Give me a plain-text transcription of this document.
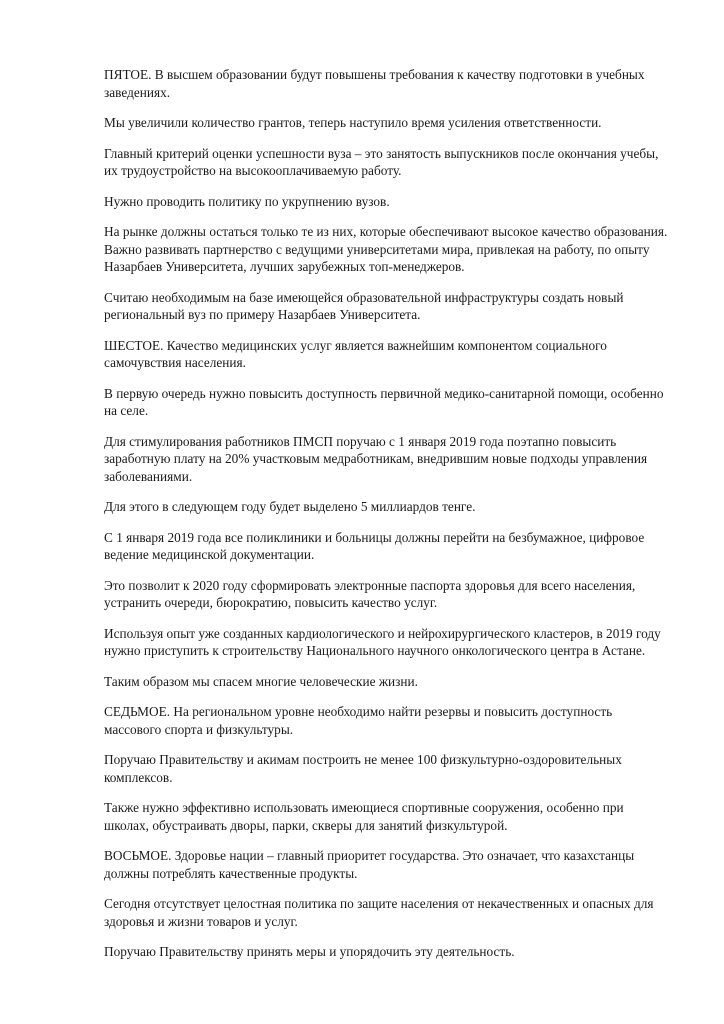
ПЯТОЕ. В высшем образовании будут повышены требования к качеству подготовки в учебных
заведениях.

Мы увеличили количество грантов, теперь наступило время усиления ответственности.

Главный критерий оценки успешности вуза – это занятость выпускников после окончания учебы,
их трудоустройство на высокооплачиваемую работу.

Нужно проводить политику по укрупнению вузов.

На рынке должны остаться только те из них, которые обеспечивают высокое качество образования.
Важно развивать партнерство с ведущими университетами мира, привлекая на работу, по опыту
Назарбаев Университета, лучших зарубежных топ-менеджеров.

Считаю необходимым на базе имеющейся образовательной инфраструктуры создать новый
региональный вуз по примеру Назарбаев Университета.

ШЕСТОЕ. Качество медицинских услуг является важнейшим компонентом социального
самочувствия населения.

В первую очередь нужно повысить доступность первичной медико-санитарной помощи, особенно
на селе.

Для стимулирования работников ПМСП поручаю с 1 января 2019 года поэтапно повысить
заработную плату на 20% участковым медработникам, внедрившим новые подходы управления
заболеваниями.

Для этого в следующем году будет выделено 5 миллиардов тенге.

С 1 января 2019 года все поликлиники и больницы должны перейти на безбумажное, цифровое
ведение медицинской документации.

Это позволит к 2020 году сформировать электронные паспорта здоровья для всего населения,
устранить очереди, бюрократию, повысить качество услуг.

Используя опыт уже созданных кардиологического и нейрохирургического кластеров, в 2019 году
нужно приступить к строительству Национального научного онкологического центра в Астане.

Таким образом мы спасем многие человеческие жизни.

СЕДЬМОЕ. На региональном уровне необходимо найти резервы и повысить доступность
массового спорта и физкультуры.

Поручаю Правительству и акимам построить не менее 100 физкультурно-оздоровительных
комплексов.

Также нужно эффективно использовать имеющиеся спортивные сооружения, особенно при
школах, обустраивать дворы, парки, скверы для занятий физкультурой.

ВОСЬМОЕ. Здоровье нации – главный приоритет государства. Это означает, что казахстанцы
должны потреблять качественные продукты.

Сегодня отсутствует целостная политика по защите населения от некачественных и опасных для
здоровья и жизни товаров и услуг.

Поручаю Правительству принять меры и упорядочить эту деятельность.
